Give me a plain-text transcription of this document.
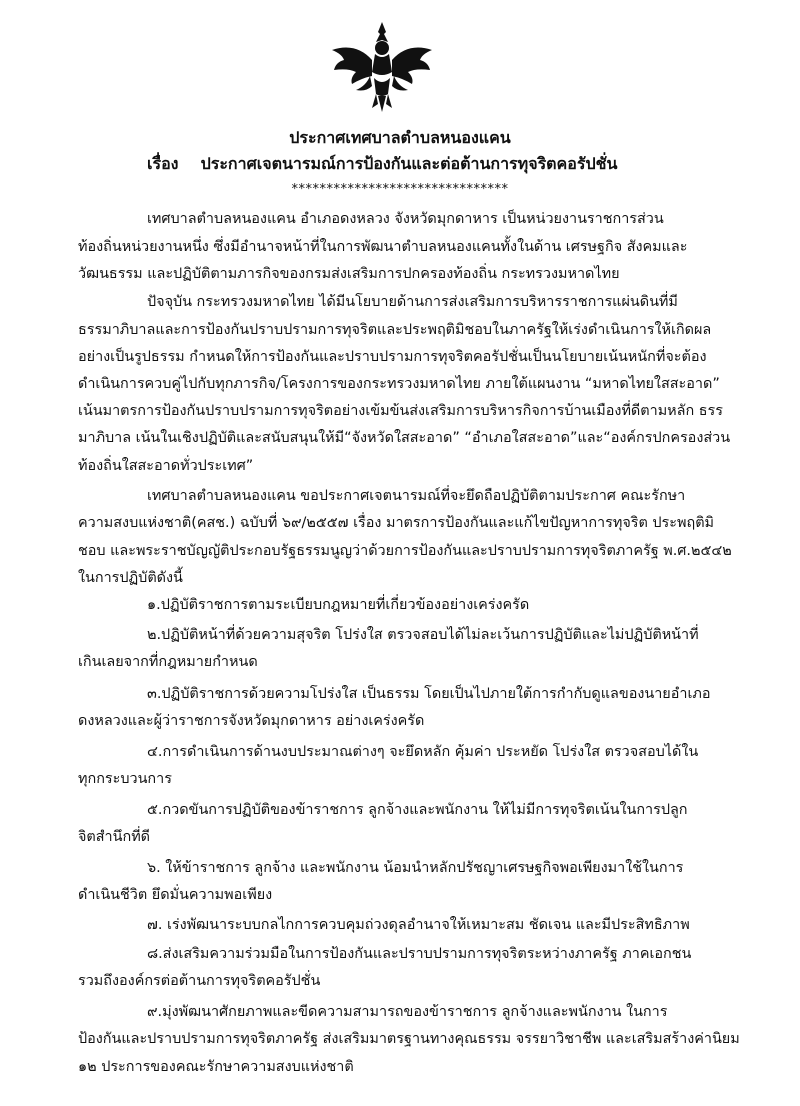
ประกาศเทศบาลตำบลหนองแคน
เรื่อง ประกาศเจตนารมณ์การป้องกันและต่อต้านการทุจริตคอรัปชั่น
*******************************
เทศบาลตำบลหนองแคน อำเภอดงหลวง จังหวัดมุกดาหาร เป็นหน่วยงานราชการส่วน
ท้องถิ่นหน่วยงานหนึ่ง ซึ่งมีอำนาจหน้าที่ในการพัฒนาตำบลหนองแคนทั้งในด้าน เศรษฐกิจ สังคมและ
วัฒนธรรม และปฏิบัติตามภารกิจของกรมส่งเสริมการปกครองท้องถิ่น กระทรวงมหาดไทย
ปัจจุบัน กระทรวงมหาดไทย ได้มีนโยบายด้านการส่งเสริมการบริหารราชการแผ่นดินที่มี
ธรรมาภิบาลและการป้องกันปราบปรามการทุจริตและประพฤติมิชอบในภาครัฐให้เร่งดำเนินการให้เกิดผล
อย่างเป็นรูปธรรม กำหนดให้การป้องกันและปราบปรามการทุจริตคอรัปชั่นเป็นนโยบายเน้นหนักที่จะต้อง
ดำเนินการควบคู่ไปกับทุกภารกิจ/โครงการของกระทรวงมหาดไทย ภายใต้แผนงาน “มหาดไทยใสสะอาด”
เน้นมาตรการป้องกันปราบปรามการทุจริตอย่างเข้มข้นส่งเสริมการบริหารกิจการบ้านเมืองที่ดีตามหลัก ธรร
มาภิบาล เน้นในเชิงปฏิบัติและสนับสนุนให้มี“จังหวัดใสสะอาด” “อำเภอใสสะอาด”และ“องค์กรปกครองส่วน
ท้องถิ่นใสสะอาดทั่วประเทศ”
เทศบาลตำบลหนองแคน ขอประกาศเจตนารมณ์ที่จะยึดถือปฏิบัติตามประกาศ คณะรักษา
ความสงบแห่งชาติ(คสช.) ฉบับที่ ๖๙/๒๕๕๗ เรื่อง มาตรการป้องกันและแก้ไขปัญหาการทุจริต ประพฤติมิ
ชอบ และพระราชบัญญัติประกอบรัฐธรรมนูญว่าด้วยการป้องกันและปราบปรามการทุจริตภาครัฐ พ.ศ.๒๕๔๒
ในการปฏิบัติดังนี้
๑.ปฏิบัติราชการตามระเบียบกฎหมายที่เกี่ยวข้องอย่างเคร่งครัด
๒.ปฏิบัติหน้าที่ด้วยความสุจริต โปร่งใส ตรวจสอบได้ไม่ละเว้นการปฏิบัติและไม่ปฏิบัติหน้าที่
เกินเลยจากที่กฎหมายกำหนด
๓.ปฏิบัติราชการด้วยความโปร่งใส เป็นธรรม โดยเป็นไปภายใต้การกำกับดูแลของนายอำเภอ
ดงหลวงและผู้ว่าราชการจังหวัดมุกดาหาร อย่างเคร่งครัด
๔.การดำเนินการด้านงบประมาณต่างๆ จะยึดหลัก คุ้มค่า ประหยัด โปร่งใส ตรวจสอบได้ใน
ทุกกระบวนการ
๕.กวดขันการปฏิบัติของข้าราชการ ลูกจ้างและพนักงาน ให้ไม่มีการทุจริตเน้นในการปลูก
จิตสำนึกที่ดี
๖. ให้ข้าราชการ ลูกจ้าง และพนักงาน น้อมนำหลักปรัชญาเศรษฐกิจพอเพียงมาใช้ในการ
ดำเนินชีวิต ยึดมั่นความพอเพียง
๗. เร่งพัฒนาระบบกลไกการควบคุมถ่วงดุลอำนาจให้เหมาะสม ชัดเจน และมีประสิทธิภาพ
๘.ส่งเสริมความร่วมมือในการป้องกันและปราบปรามการทุจริตระหว่างภาครัฐ ภาคเอกชน
รวมถึงองค์กรต่อต้านการทุจริตคอรัปชั่น
๙.มุ่งพัฒนาศักยภาพและขีดความสามารถของข้าราชการ ลูกจ้างและพนักงาน ในการ
ป้องกันและปราบปรามการทุจริตภาครัฐ ส่งเสริมมาตรฐานทางคุณธรรม จรรยาวิชาชีพ และเสริมสร้างค่านิยม
๑๒ ประการของคณะรักษาความสงบแห่งชาติ
